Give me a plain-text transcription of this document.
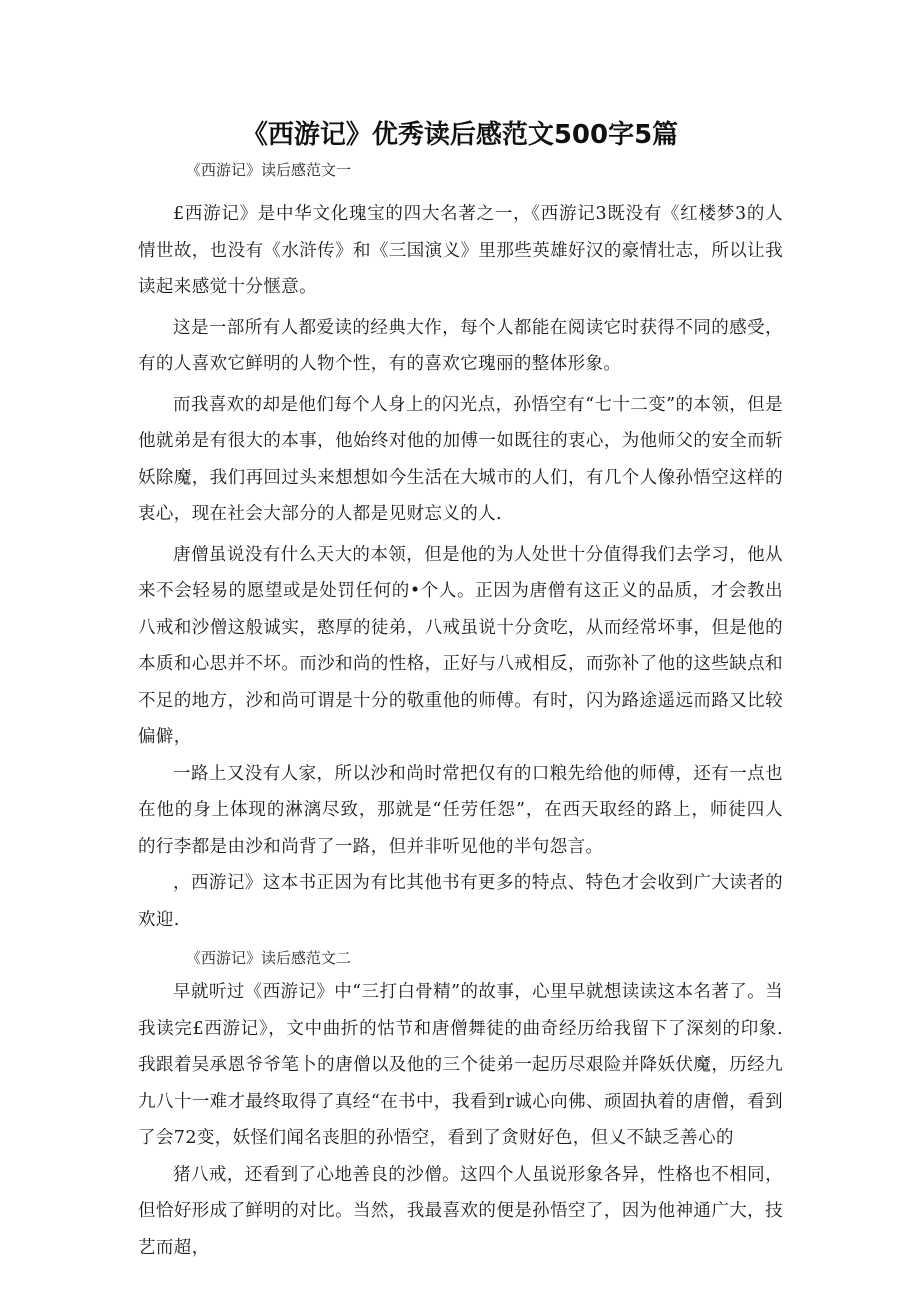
《西游记》优秀读后感范文500字5篇

《西游记》读后感范文一

£西游记》是中华文化瑰宝的四大名著之一，《西游记3既没有《红楼梦3的人情世故，也没有《水浒传》和《三国演义》里那些英雄好汉的豪情壮志，所以让我读起来感觉十分惬意。

这是一部所有人都爱读的经典大作，每个人都能在阅读它时获得不同的感受，有的人喜欢它鲜明的人物个性，有的喜欢它瑰丽的整体形象。

而我喜欢的却是他们每个人身上的闪光点，孙悟空有“七十二变”的本领，但是他就弟是有很大的本事，他始终对他的加傅一如既往的衷心，为他师父的安全而斩妖除魔，我们再回过头来想想如今生活在大城市的人们，有几个人像孙悟空这样的衷心，现在社会大部分的人都是见财忘义的人.

唐僧虽说没有什么天大的本领，但是他的为人处世十分值得我们去学习，他从来不会轻易的愿望或是处罚任何的•个人。正因为唐僧有这正义的品质，才会教出八戒和沙僧这般诚实，憨厚的徒弟，八戒虽说十分贪吃，从而经常坏事，但是他的本质和心思并不坏。而沙和尚的性格，正好与八戒相反，而弥补了他的这些缺点和不足的地方，沙和尚可谓是十分的敬重他的师傅。有时，闪为路途遥远而路又比较偏僻，

一路上又没有人家，所以沙和尚时常把仅有的口粮先给他的师傅，还有一点也在他的身上体现的淋漓尽致，那就是“任劳任怨”，在西天取经的路上，师徒四人的行李都是由沙和尚背了一路，但并非听见他的半句怨言。

，西游记》这本书正因为有比其他书有更多的特点、特色才会收到广大读者的欢迎.

《西游记》读后感范文二

早就听过《西游记》中“三打白骨精”的故事，心里早就想读读这本名著了。当我读完£西游记》，文中曲折的怙节和唐僧舞徒的曲奇经历给我留下了深刻的印象.我跟着吴承恩爷爷笔卜的唐僧以及他的三个徒弟一起历尽艰险并降妖伏魔，历经九九八十一难才最终取得了真经“在书中，我看到r诚心向佛、顽固执着的唐僧，看到了会72变，妖怪们闻名丧胆的孙悟空，看到了贪财好色，但乂不缺乏善心的

猪八戒，还看到了心地善良的沙僧。这四个人虽说形象各异，性格也不相同，但恰好形成了鲜明的对比。当然，我最喜欢的便是孙悟空了，因为他神通广大，技艺而超，
